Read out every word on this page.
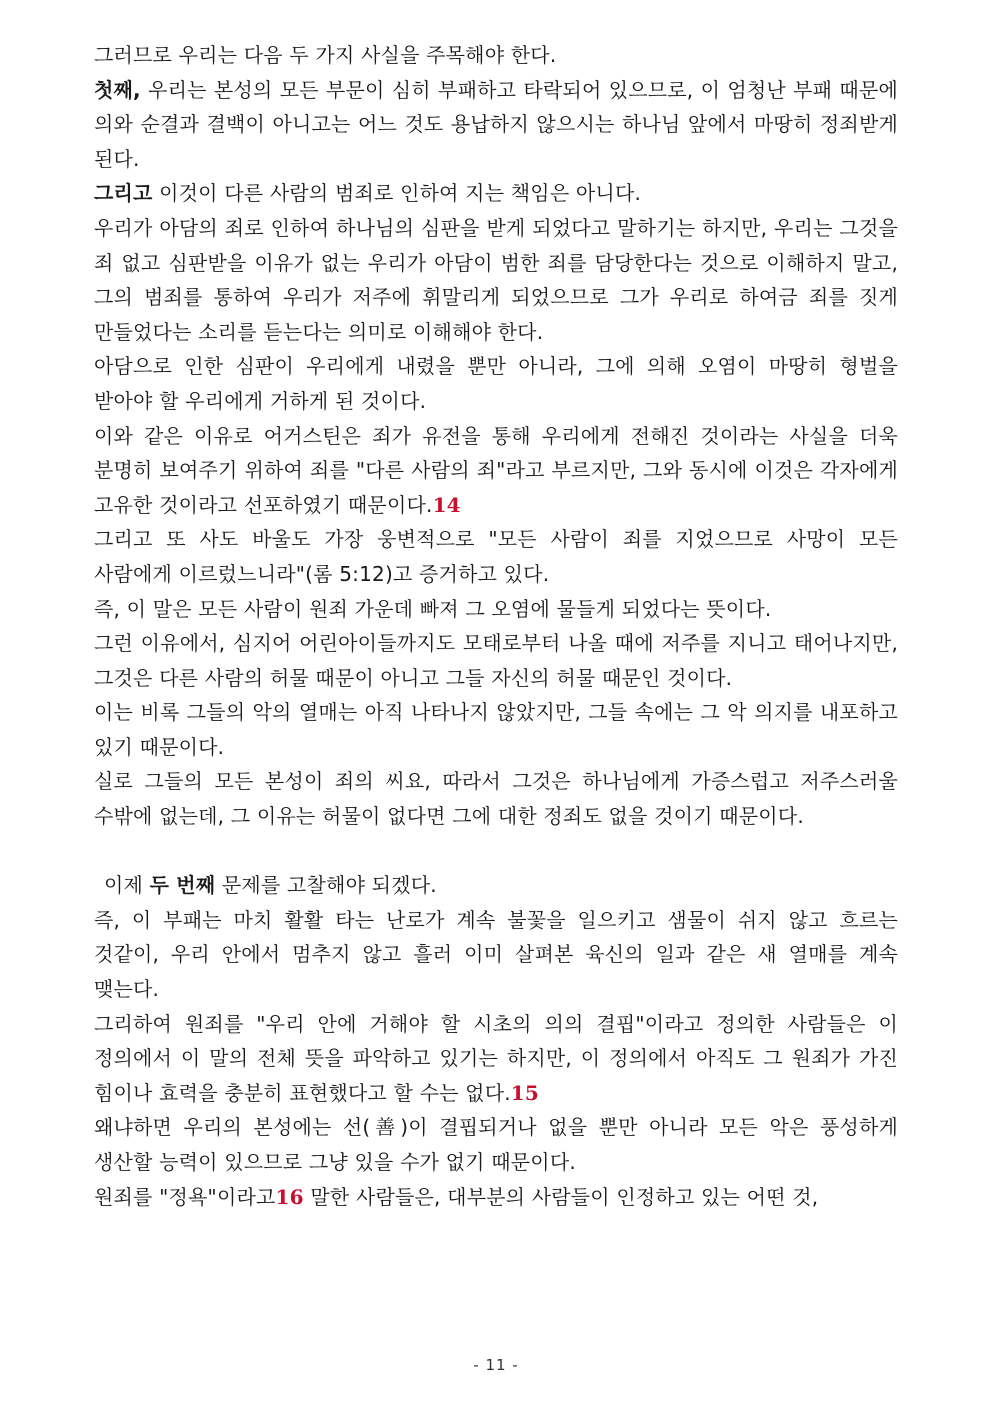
그러므로 우리는 다음 두 가지 사실을 주목해야 한다.

첫째, 우리는 본성의 모든 부문이 심히 부패하고 타락되어 있으므로, 이 엄청난 부패 때문에 의와 순결과 결백이 아니고는 어느 것도 용납하지 않으시는 하나님 앞에서 마땅히 정죄받게 된다.

그리고 이것이 다른 사람의 범죄로 인하여 지는 책임은 아니다.

우리가 아담의 죄로 인하여 하나님의 심판을 받게 되었다고 말하기는 하지만, 우리는 그것을 죄 없고 심판받을 이유가 없는 우리가 아담이 범한 죄를 담당한다는 것으로 이해하지 말고, 그의 범죄를 통하여 우리가 저주에 휘말리게 되었으므로 그가 우리로 하여금 죄를 짓게 만들었다는 소리를 듣는다는 의미로 이해해야 한다.

아담으로 인한 심판이 우리에게 내렸을 뿐만 아니라, 그에 의해 오염이 마땅히 형벌을 받아야 할 우리에게 거하게 된 것이다.

이와 같은 이유로 어거스틴은 죄가 유전을 통해 우리에게 전해진 것이라는 사실을 더욱 분명히 보여주기 위하여 죄를 "다른 사람의 죄"라고 부르지만, 그와 동시에 이것은 각자에게 고유한 것이라고 선포하였기 때문이다.14

그리고 또 사도 바울도 가장 웅변적으로 "모든 사람이 죄를 지었으므로 사망이 모든 사람에게 이르렀느니라"(롬 5:12)고 증거하고 있다.

즉, 이 말은 모든 사람이 원죄 가운데 빠져 그 오염에 물들게 되었다는 뜻이다.

그런 이유에서, 심지어 어린아이들까지도 모태로부터 나올 때에 저주를 지니고 태어나지만, 그것은 다른 사람의 허물 때문이 아니고 그들 자신의 허물 때문인 것이다.

이는 비록 그들의 악의 열매는 아직 나타나지 않았지만, 그들 속에는 그 악 의지를 내포하고 있기 때문이다.

실로 그들의 모든 본성이 죄의 씨요, 따라서 그것은 하나님에게 가증스럽고 저주스러울 수밖에 없는데, 그 이유는 허물이 없다면 그에 대한 정죄도 없을 것이기 때문이다.

이제 두 번째 문제를 고찰해야 되겠다.

즉, 이 부패는 마치 활활 타는 난로가 계속 불꽃을 일으키고 샘물이 쉬지 않고 흐르는 것같이, 우리 안에서 멈추지 않고 흘러 이미 살펴본 육신의 일과 같은 새 열매를 계속 맺는다.

그리하여 원죄를 "우리 안에 거해야 할 시초의 의의 결핍"이라고 정의한 사람들은 이 정의에서 이 말의 전체 뜻을 파악하고 있기는 하지만, 이 정의에서 아직도 그 원죄가 가진 힘이나 효력을 충분히 표현했다고 할 수는 없다.15

왜냐하면 우리의 본성에는 선(善)이 결핍되거나 없을 뿐만 아니라 모든 악은 풍성하게 생산할 능력이 있으므로 그냥 있을 수가 없기 때문이다.

원죄를 "정욕"이라고16 말한 사람들은, 대부분의 사람들이 인정하고 있는 어떤 것,

- 11 -
